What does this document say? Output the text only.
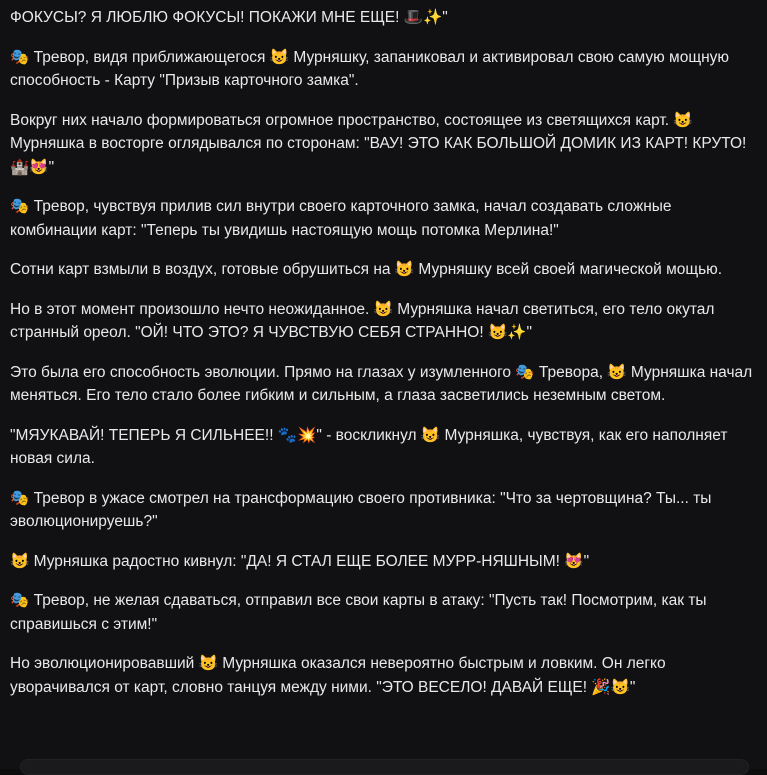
ФОКУСЫ? Я ЛЮБЛЮ ФОКУСЫ! ПОКАЖИ МНЕ ЕЩЕ! 🎩✨"

🎭 Тревор, видя приближающегося 😺 Мурняшку, запаниковал и активировал свою самую мощную способность - Карту "Призыв карточного замка".

Вокруг них начало формироваться огромное пространство, состоящее из светящихся карт. 😺 Мурняшка в восторге оглядывался по сторонам: "ВАУ! ЭТО КАК БОЛЬШОЙ ДОМИК ИЗ КАРТ! КРУТО! 🏰😻"

🎭 Тревор, чувствуя прилив сил внутри своего карточного замка, начал создавать сложные комбинации карт: "Теперь ты увидишь настоящую мощь потомка Мерлина!"

Сотни карт взмыли в воздух, готовые обрушиться на 😺 Мурняшку всей своей магической мощью.

Но в этот момент произошло нечто неожиданное. 😺 Мурняшка начал светиться, его тело окутал странный ореол. "ОЙ! ЧТО ЭТО? Я ЧУВСТВУЮ СЕБЯ СТРАННО! 😺✨"

Это была его способность эволюции. Прямо на глазах у изумленного 🎭 Тревора, 😺 Мурняшка начал меняться. Его тело стало более гибким и сильным, а глаза засветились неземным светом.

"МЯУКАВАЙ! ТЕПЕРЬ Я СИЛЬНЕЕ!! 🐾💥" - воскликнул 😺 Мурняшка, чувствуя, как его наполняет новая сила.

🎭 Тревор в ужасе смотрел на трансформацию своего противника: "Что за чертовщина? Ты... ты эволюционируешь?"

😺 Мурняшка радостно кивнул: "ДА! Я СТАЛ ЕЩЕ БОЛЕЕ МУРР-НЯШНЫМ! 😻"

🎭 Тревор, не желая сдаваться, отправил все свои карты в атаку: "Пусть так! Посмотрим, как ты справишься с этим!"

Но эволюционировавший 😺 Мурняшка оказался невероятно быстрым и ловким. Он легко уворачивался от карт, словно танцуя между ними. "ЭТО ВЕСЕЛО! ДАВАЙ ЕЩЕ! 🎉😺"
